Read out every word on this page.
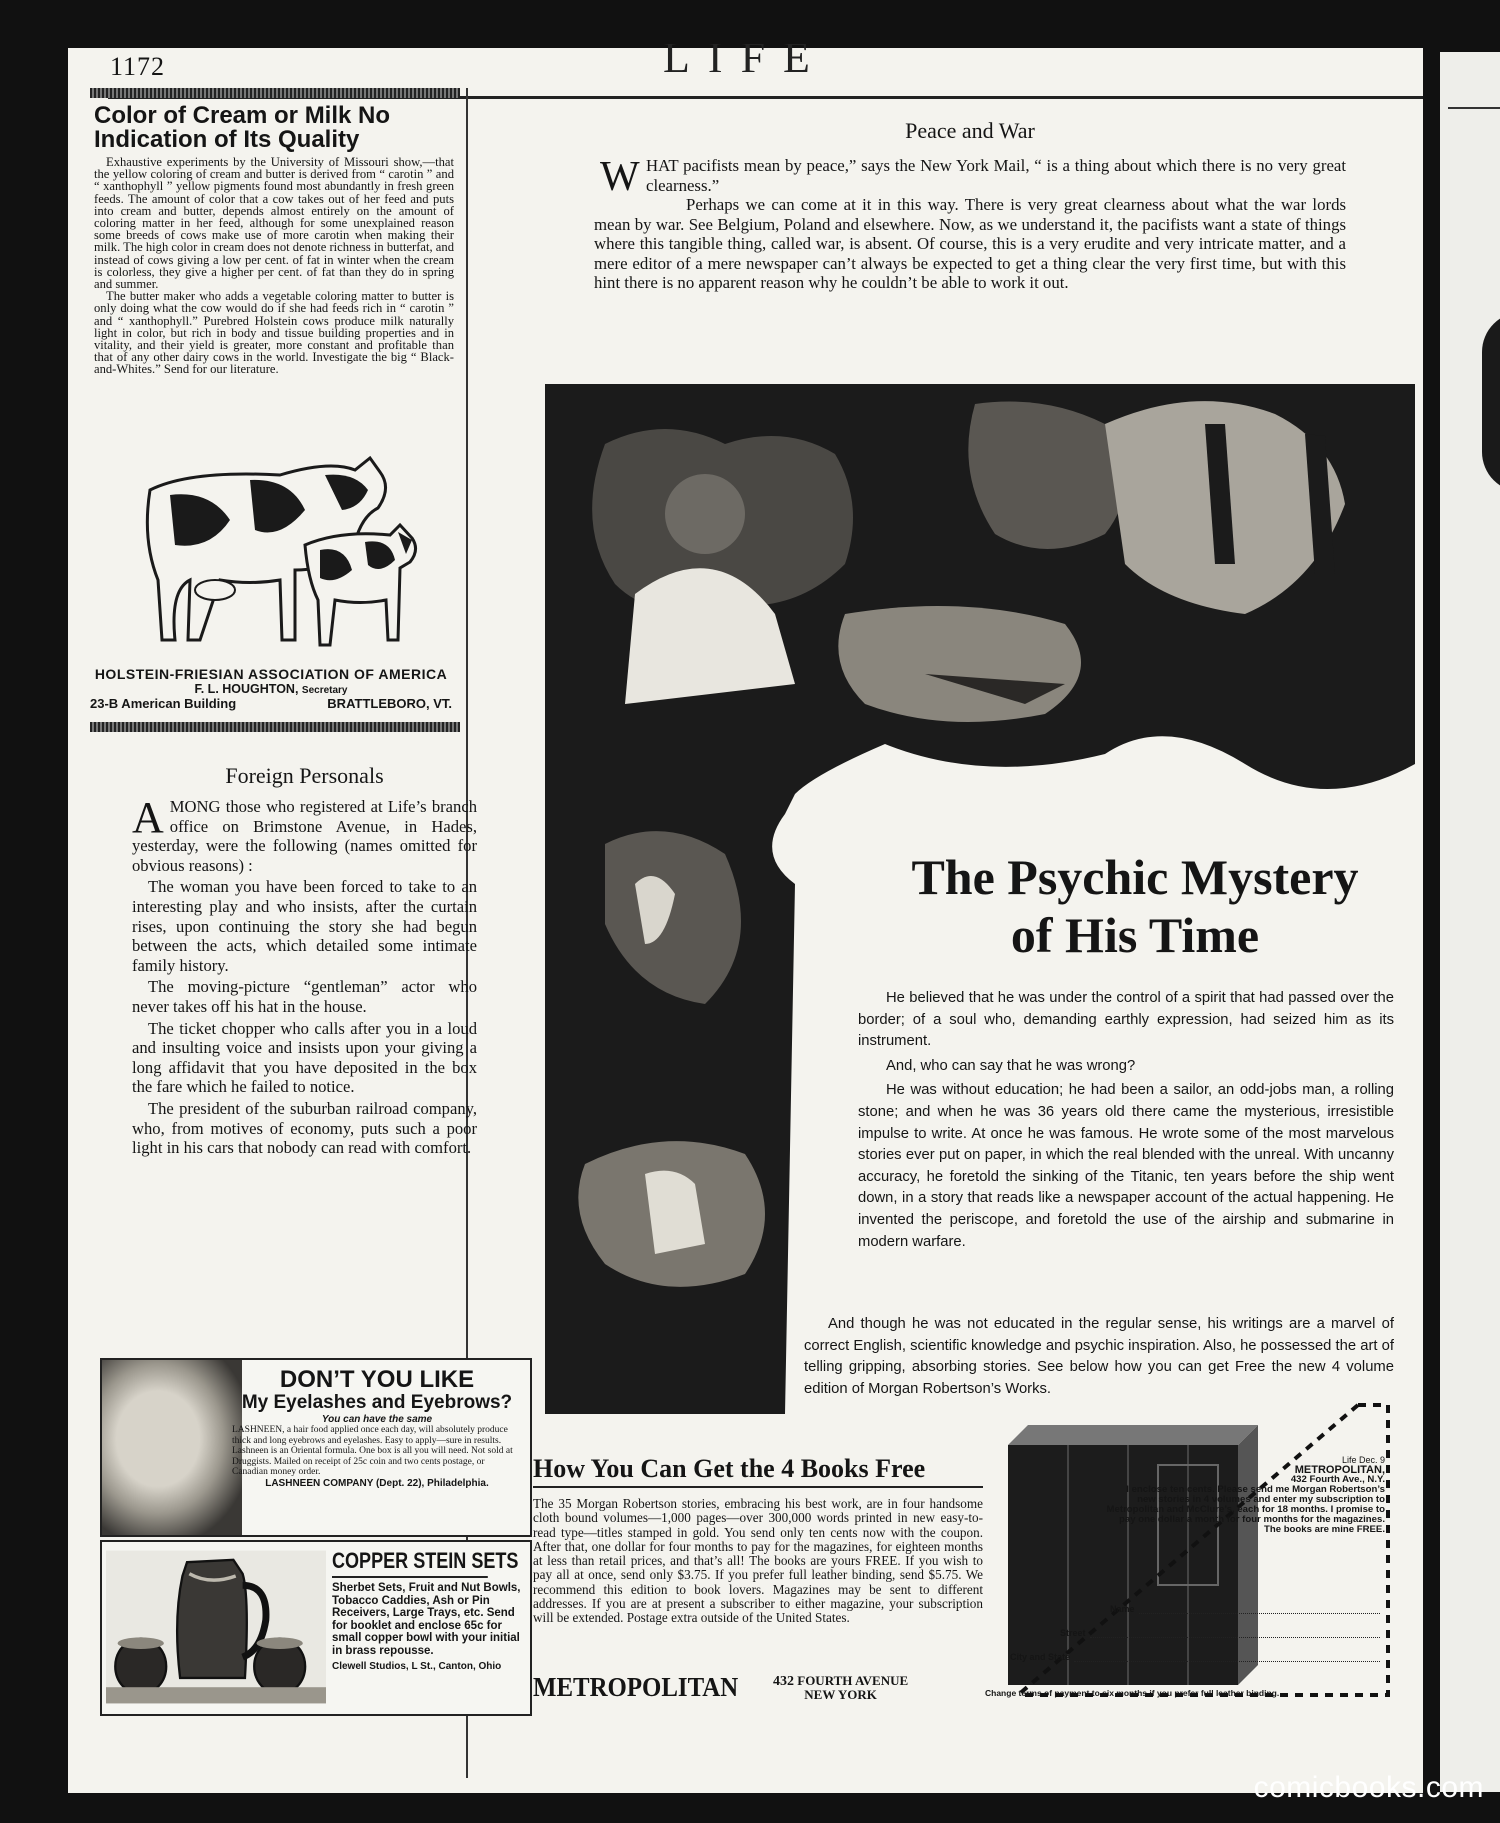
1172	LIFE
Color of Cream or Milk No Indication of Its Quality

Exhaustive experiments by the University of Missouri show,—that the yellow coloring of cream and butter is derived from “ carotin ” and “ xanthophyll ” yellow pigments found most abundantly in fresh green feeds. The amount of color that a cow takes out of her feed and puts into cream and butter, depends almost entirely on the amount of coloring matter in her feed, although for some unexplained reason some breeds of cows make use of more carotin when making their milk. The high color in cream does not denote richness in butterfat, and instead of cows giving a low per cent. of fat in winter when the cream is colorless, they give a higher per cent. of fat than they do in spring and summer.

The butter maker who adds a vegetable coloring matter to butter is only doing what the cow would do if she had feeds rich in “ carotin ” and “ xanthophyll.” Purebred Holstein cows produce milk naturally light in color, but rich in body and tissue building properties and in vitality, and their yield is greater, more constant and profitable than that of any other dairy cows in the world. Investigate the big “ Black-and-Whites.” Send for our literature.

HOLSTEIN-FRIESIAN ASSOCIATION OF AMERICA
F. L. HOUGHTON, Secretary
23-B American Building	BRATTLEBORO, VT.
Foreign Personals

AMONG those who registered at Life’s branch office on Brimstone Avenue, in Hades, yesterday, were the following (names omitted for obvious reasons) :

The woman you have been forced to take to an interesting play and who insists, after the curtain rises, upon continuing the story she had begun between the acts, which detailed some intimate family history.

The moving-picture “gentleman” actor who never takes off his hat in the house.

The ticket chopper who calls after you in a loud and insulting voice and insists upon your giving a long affidavit that you have deposited in the box the fare which he failed to notice.

The president of the suburban railroad company, who, from motives of economy, puts such a poor light in his cars that nobody can read with comfort.

DON’T YOU LIKE
My Eyelashes and Eyebrows?
You can have the same
LASHNEEN, a hair food applied once each day, will absolutely produce thick and long eyebrows and eyelashes. Easy to apply—sure in results. Lashneen is an Oriental formula. One box is all you will need. Not sold at Druggists. Mailed on receipt of 25c coin and two cents postage, or Canadian money order.
LASHNEEN COMPANY (Dept. 22), Philadelphia.
COPPER STEIN SETS
Sherbet Sets, Fruit and Nut Bowls, Tobacco Caddies, Ash or Pin Receivers, Large Trays, etc. Send for booklet and enclose 65c for small copper bowl with your initial in brass repousse.
Clewell Studios, L St., Canton, Ohio
Peace and War

W HAT pacifists mean by peace,” says the New York Mail, “ is a thing about which there is no very great clearness.”

Perhaps we can come at it in this way. There is very great clearness about what the war lords mean by war. See Belgium, Poland and elsewhere. Now, as we understand it, the pacifists want a state of things where this tangible thing, called war, is absent. Of course, this is a very erudite and very intricate matter, and a mere editor of a mere newspaper can’t always be expected to get a thing clear the very first time, but with this hint there is no apparent reason why he couldn’t be able to work it out.

The Psychic Mystery
of His Time

He believed that he was under the control of a spirit that had passed over the border; of a soul who, demanding earthly expression, had seized him as its instrument.

And, who can say that he was wrong?

He was without education; he had been a sailor, an odd-jobs man, a rolling stone; and when he was 36 years old there came the mysterious, irresistible impulse to write. At once he was famous. He wrote some of the most marvelous stories ever put on paper, in which the real blended with the unreal. With uncanny accuracy, he foretold the sinking of the Titanic, ten years before the ship went down, in a story that reads like a newspaper account of the actual happening. He invented the periscope, and foretold the use of the airship and submarine in modern warfare.

And though he was not educated in the regular sense, his writings are a marvel of correct English, scientific knowledge and psychic inspiration. Also, he possessed the art of telling gripping, absorbing stories. See below how you can get Free the new 4 volume edition of Morgan Robertson’s Works.

How You Can Get the 4 Books Free
The 35 Morgan Robertson stories, embracing his best work, are in four handsome cloth bound volumes—1,000 pages—over 300,000 words printed in new easy-to-read type—titles stamped in gold. You send only ten cents now with the coupon. After that, one dollar for four months to pay for the magazines, for eighteen months at less than retail prices, and that’s all! The books are yours FREE. If you wish to pay all at once, send only $3.75. If you prefer full leather binding, send $5.75. We recommend this edition to book lovers. Magazines may be sent to different addresses. If you are at present a subscriber to either magazine, your subscription will be extended. Postage extra outside of the United States.
METROPOLITAN 432 FOURTH AVENUE
NEW YORK
Life Dec. 9
METROPOLITAN,
432 Fourth Ave., N.Y.
I enclose ten cents. Please send me Morgan Robertson’s new stories in 4 volumes and enter my subscription to Metropolitan and McClure’s, each for 18 months. I promise to pay one dollar a month for four months for the magazines. The books are mine FREE.
Name
Street
City and State
Change terms of payment to six months if you prefer full leather binding.
comicbooks.com
